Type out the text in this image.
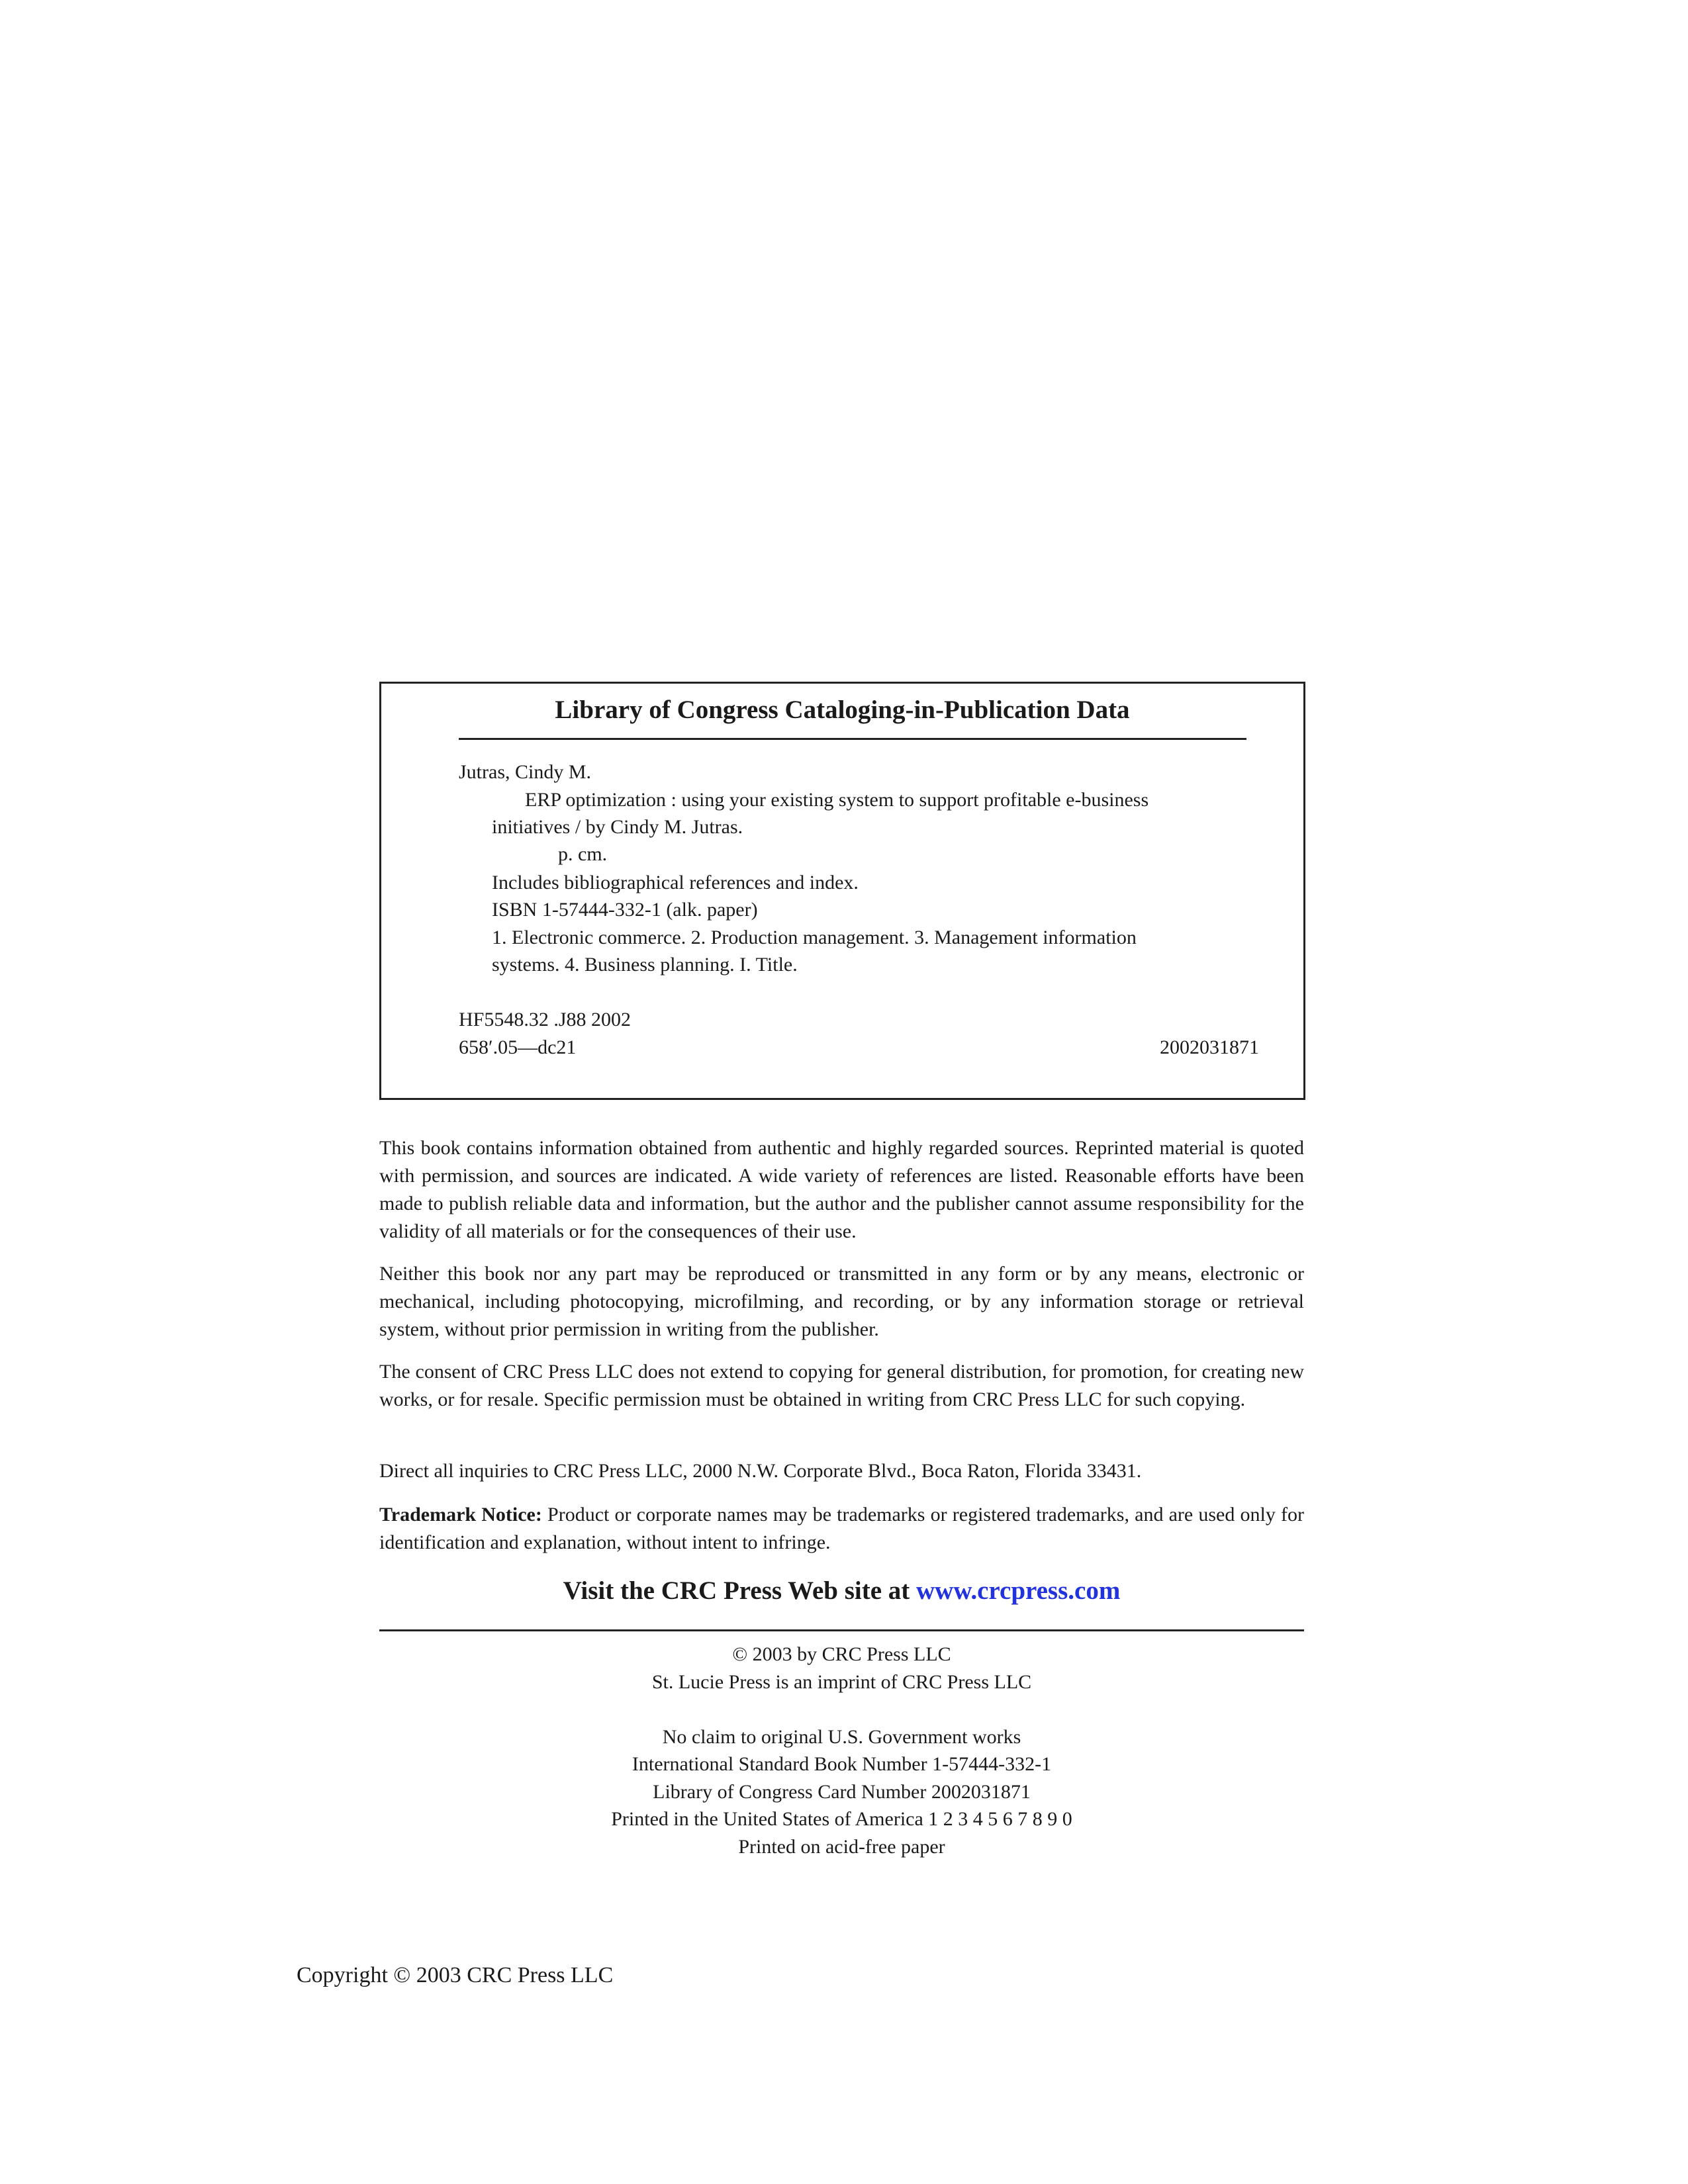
Library of Congress Cataloging-in-Publication Data
Jutras, Cindy M.
ERP optimization : using your existing system to support profitable e-business
initiatives / by Cindy M. Jutras.
p. cm.
Includes bibliographical references and index.
ISBN 1-57444-332-1 (alk. paper)
1. Electronic commerce. 2. Production management. 3. Management information
systems. 4. Business planning. I. Title.
HF5548.32 .J88 2002
658′.05—dc21	2002031871

This book contains information obtained from authentic and highly regarded sources. Reprinted material is quoted with permission, and sources are indicated. A wide variety of references are listed. Reasonable efforts have been made to publish reliable data and information, but the author and the publisher cannot assume responsibility for the validity of all materials or for the consequences of their use.

Neither this book nor any part may be reproduced or transmitted in any form or by any means, electronic or mechanical, including photocopying, microfilming, and recording, or by any information storage or retrieval system, without prior permission in writing from the publisher.

The consent of CRC Press LLC does not extend to copying for general distribution, for promotion, for creating new works, or for resale. Specific permission must be obtained in writing from CRC Press LLC for such copying.

Direct all inquiries to CRC Press LLC, 2000 N.W. Corporate Blvd., Boca Raton, Florida 33431.

Trademark Notice: Product or corporate names may be trademarks or registered trademarks, and are used only for identification and explanation, without intent to infringe.

Visit the CRC Press Web site at www.crcpress.com
© 2003 by CRC Press LLC
St. Lucie Press is an imprint of CRC Press LLC
No claim to original U.S. Government works
International Standard Book Number 1-57444-332-1
Library of Congress Card Number 2002031871
Printed in the United States of America 1 2 3 4 5 6 7 8 9 0
Printed on acid-free paper
Copyright © 2003 CRC Press LLC
